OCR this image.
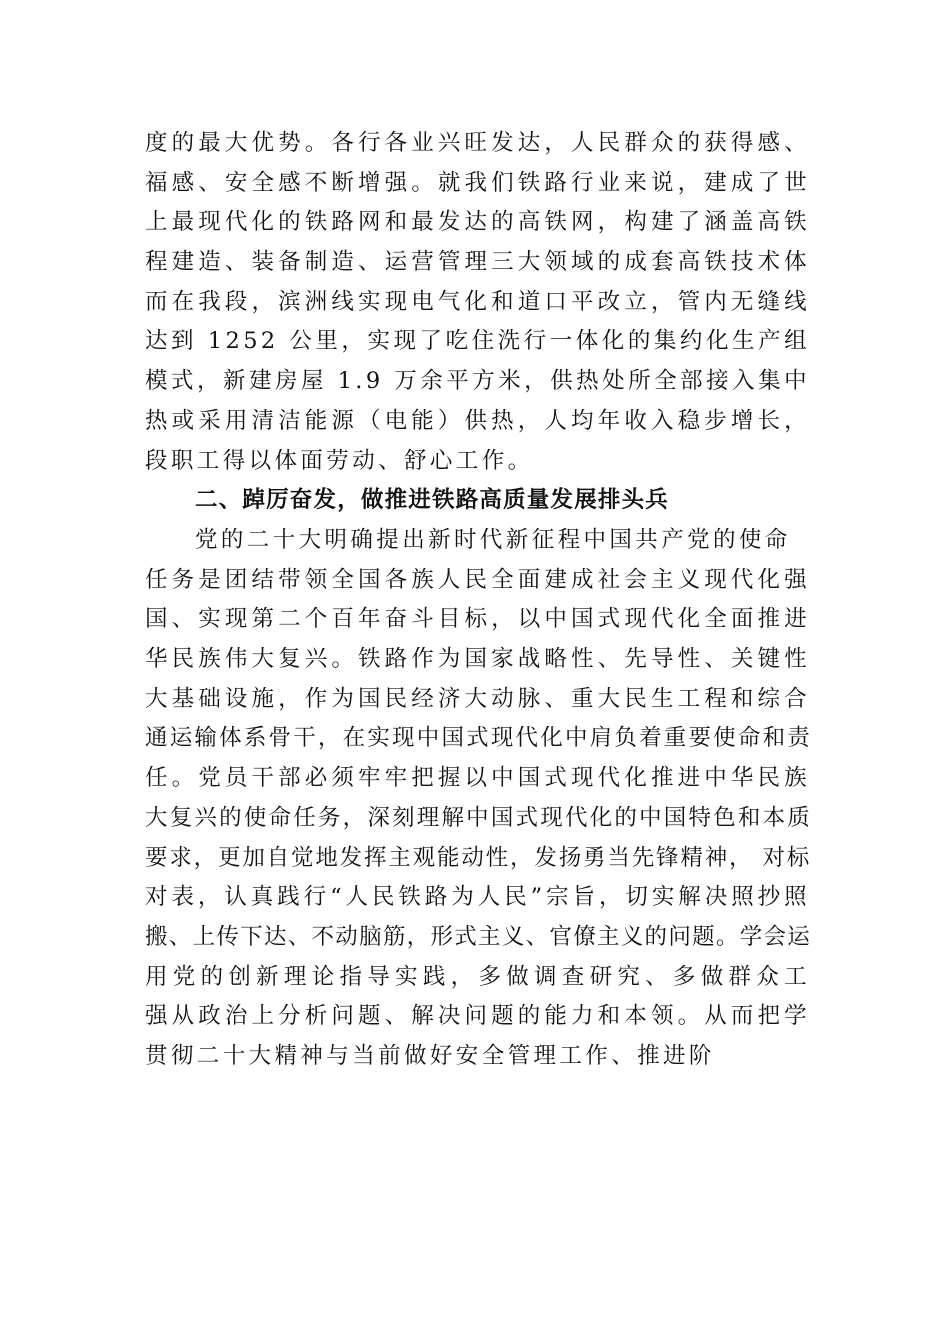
度的最大优势。各行各业兴旺发达，人民群众的获得感、
福感、安全感不断增强。就我们铁路行业来说，建成了世
上最现代化的铁路网和最发达的高铁网，构建了涵盖高铁
程建造、装备制造、运营管理三大领域的成套高铁技术体
而在我段，滨洲线实现电气化和道口平改立，管内无缝线
达到 1252 公里，实现了吃住洗行一体化的集约化生产组
模式，新建房屋 1.9 万余平方米，供热处所全部接入集中
热或采用清洁能源（电能）供热，人均年收入稳步增长，
段职工得以体面劳动、舒心工作。
二、踔厉奋发，做推进铁路高质量发展排头兵
党的二十大明确提出新时代新征程中国共产党的使命
任务是团结带领全国各族人民全面建成社会主义现代化强
国、实现第二个百年奋斗目标，以中国式现代化全面推进
华民族伟大复兴。铁路作为国家战略性、先导性、关键性
大基础设施，作为国民经济大动脉、重大民生工程和综合
通运输体系骨干，在实现中国式现代化中肩负着重要使命和责
任。党员干部必须牢牢把握以中国式现代化推进中华民族
大复兴的使命任务，深刻理解中国式现代化的中国特色和本质
要求，更加自觉地发挥主观能动性，发扬勇当先锋精神， 对标
对表，认真践行“人民铁路为人民”宗旨，切实解决照抄照
搬、上传下达、不动脑筋，形式主义、官僚主义的问题。学会运
用党的创新理论指导实践，多做调查研究、多做群众工
强从政治上分析问题、解决问题的能力和本领。从而把学
贯彻二十大精神与当前做好安全管理工作、推进阶
